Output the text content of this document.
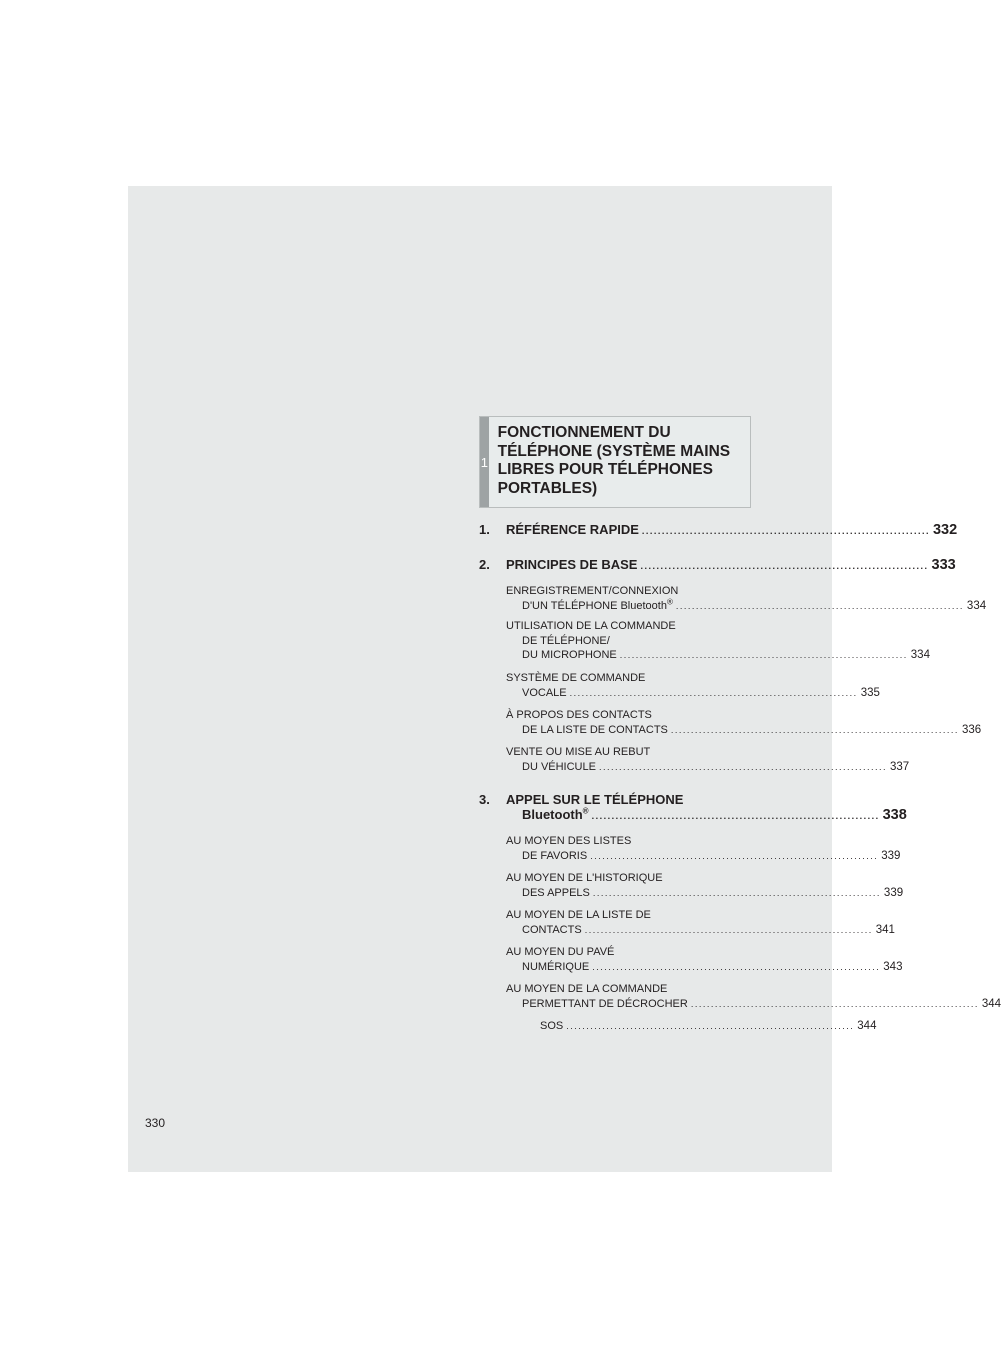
1
FONCTIONNEMENT DU TÉLÉPHONE (SYSTÈME MAINS LIBRES POUR TÉLÉPHONES PORTABLES)
1.	RÉFÉRENCE RAPIDE ........................................................................ 332
2.	PRINCIPES DE BASE ........................................................................ 333
ENREGISTREMENT/CONNEXION
D'UN TÉLÉPHONE Bluetooth® ........................................................................ 334
UTILISATION DE LA COMMANDE
DE TÉLÉPHONE/
DU MICROPHONE ........................................................................ 334
SYSTÈME DE COMMANDE
VOCALE ........................................................................ 335
À PROPOS DES CONTACTS
DE LA LISTE DE CONTACTS ........................................................................ 336
VENTE OU MISE AU REBUT
DU VÉHICULE ........................................................................ 337
3.	APPEL SUR LE TÉLÉPHONE
Bluetooth® ........................................................................ 338
AU MOYEN DES LISTES
DE FAVORIS ........................................................................ 339
AU MOYEN DE L'HISTORIQUE
DES APPELS ........................................................................ 339
AU MOYEN DE LA LISTE DE
CONTACTS ........................................................................ 341
AU MOYEN DU PAVÉ
NUMÉRIQUE ........................................................................ 343
AU MOYEN DE LA COMMANDE
PERMETTANT DE DÉCROCHER ........................................................................ 344
SOS ........................................................................ 344
330
